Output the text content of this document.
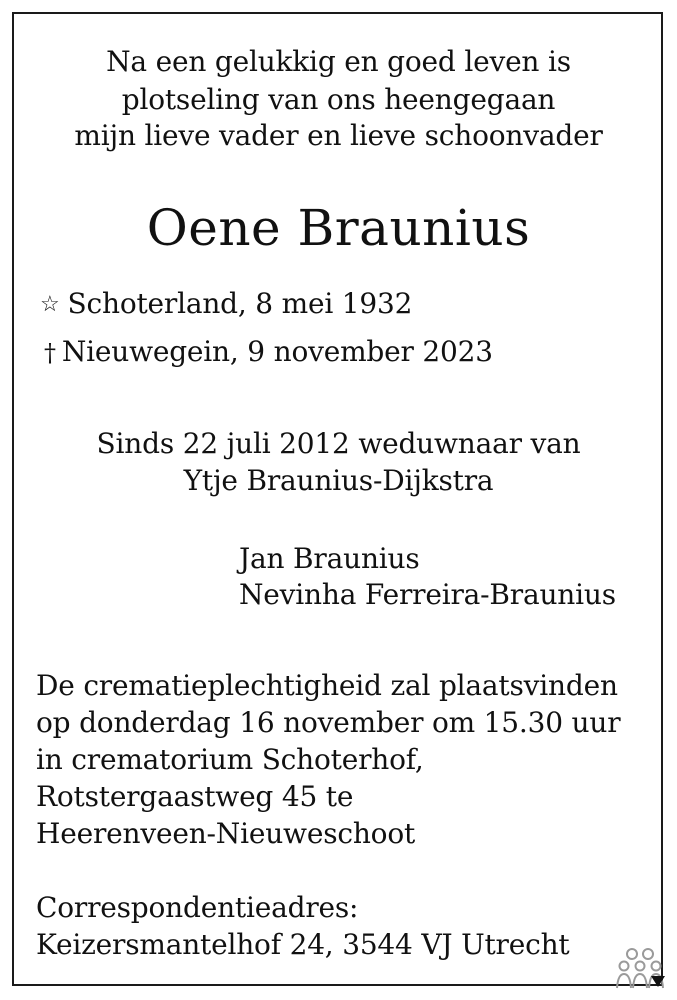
Na een gelukkig en goed leven is
plotseling van ons heengegaan
mijn lieve vader en lieve schoonvader
Oene Braunius
☆ Schoterland, 8 mei 1932
† Nieuwegein, 9 november 2023
Sinds 22 juli 2012 weduwnaar van
Ytje Braunius-Dijkstra
Jan Braunius
Nevinha Ferreira-Braunius
De crematieplechtigheid zal plaatsvinden
op donderdag 16 november om 15.30 uur
in crematorium Schoterhof,
Rotstergaastweg 45 te
Heerenveen-Nieuweschoot
Correspondentieadres:
Keizersmantelhof 24, 3544 VJ Utrecht
